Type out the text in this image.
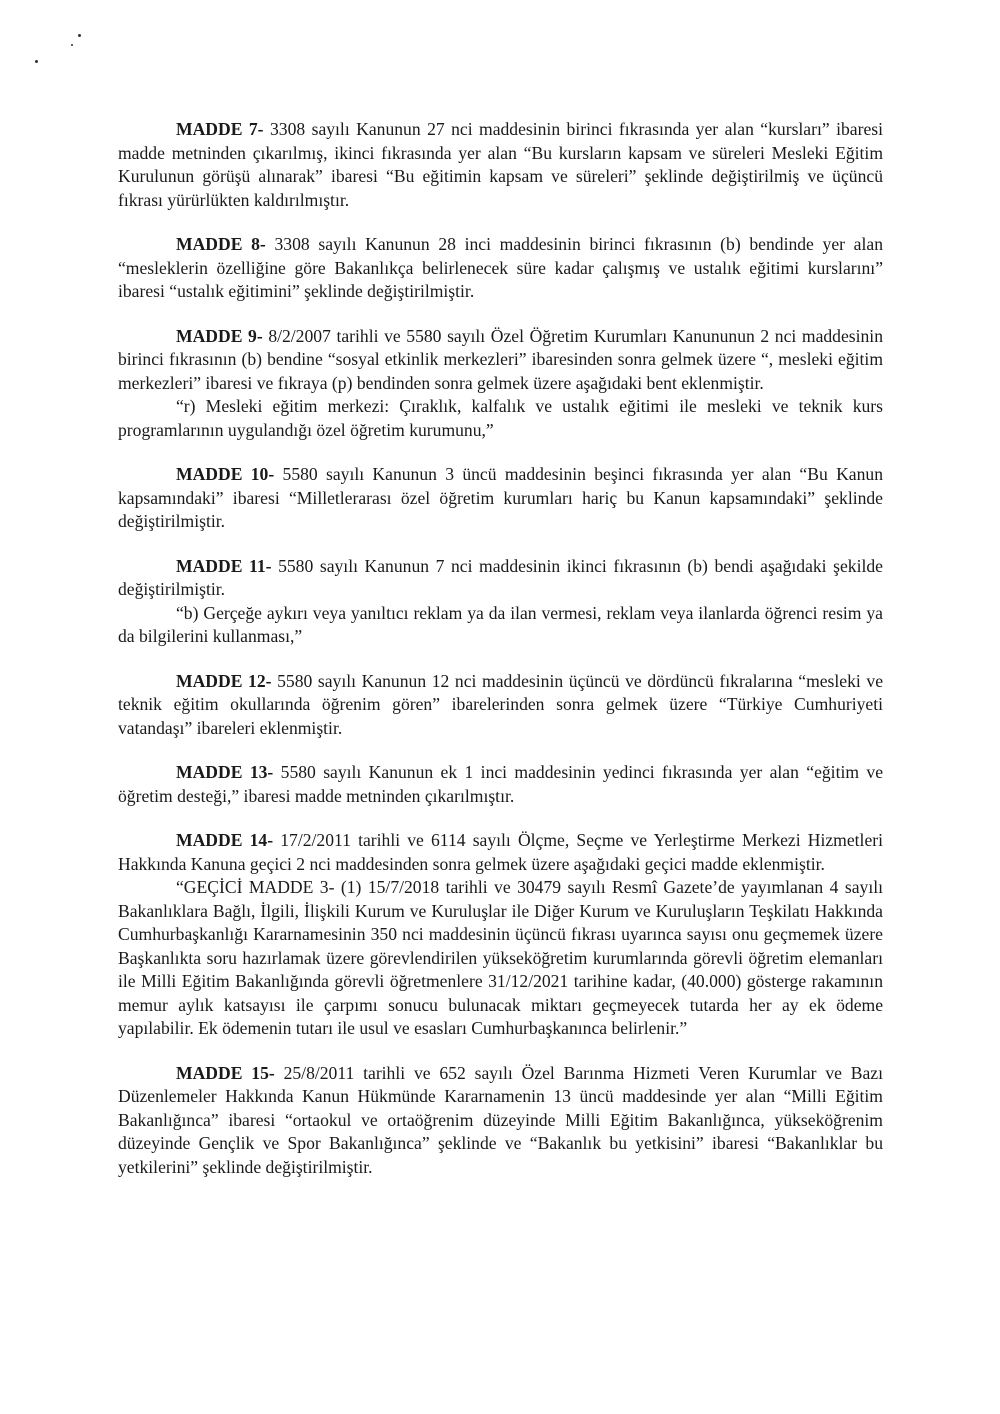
MADDE 7- 3308 sayılı Kanunun 27 nci maddesinin birinci fıkrasında yer alan “kursları” ibaresi madde metninden çıkarılmış, ikinci fıkrasında yer alan “Bu kursların kapsam ve süreleri Mesleki Eğitim Kurulunun görüşü alınarak” ibaresi “Bu eğitimin kapsam ve süreleri” şeklinde değiştirilmiş ve üçüncü fıkrası yürürlükten kaldırılmıştır.

MADDE 8- 3308 sayılı Kanunun 28 inci maddesinin birinci fıkrasının (b) bendinde yer alan “mesleklerin özelliğine göre Bakanlıkça belirlenecek süre kadar çalışmış ve ustalık eğitimi kurslarını” ibaresi “ustalık eğitimini” şeklinde değiştirilmiştir.

MADDE 9- 8/2/2007 tarihli ve 5580 sayılı Özel Öğretim Kurumları Kanununun 2 nci maddesinin birinci fıkrasının (b) bendine “sosyal etkinlik merkezleri” ibaresinden sonra gelmek üzere “, mesleki eğitim merkezleri” ibaresi ve fıkraya (p) bendinden sonra gelmek üzere aşağıdaki bent eklenmiştir.

“r) Mesleki eğitim merkezi: Çıraklık, kalfalık ve ustalık eğitimi ile mesleki ve teknik kurs programlarının uygulandığı özel öğretim kurumunu,”

MADDE 10- 5580 sayılı Kanunun 3 üncü maddesinin beşinci fıkrasında yer alan “Bu Kanun kapsamındaki” ibaresi “Milletlerarası özel öğretim kurumları hariç bu Kanun kapsamındaki” şeklinde değiştirilmiştir.

MADDE 11- 5580 sayılı Kanunun 7 nci maddesinin ikinci fıkrasının (b) bendi aşağıdaki şekilde değiştirilmiştir.

“b) Gerçeğe aykırı veya yanıltıcı reklam ya da ilan vermesi, reklam veya ilanlarda öğrenci resim ya da bilgilerini kullanması,”

MADDE 12- 5580 sayılı Kanunun 12 nci maddesinin üçüncü ve dördüncü fıkralarına “mesleki ve teknik eğitim okullarında öğrenim gören” ibarelerinden sonra gelmek üzere “Türkiye Cumhuriyeti vatandaşı” ibareleri eklenmiştir.

MADDE 13- 5580 sayılı Kanunun ek 1 inci maddesinin yedinci fıkrasında yer alan “eğitim ve öğretim desteği,” ibaresi madde metninden çıkarılmıştır.

MADDE 14- 17/2/2011 tarihli ve 6114 sayılı Ölçme, Seçme ve Yerleştirme Merkezi Hizmetleri Hakkında Kanuna geçici 2 nci maddesinden sonra gelmek üzere aşağıdaki geçici madde eklenmiştir.

“GEÇİCİ MADDE 3- (1) 15/7/2018 tarihli ve 30479 sayılı Resmî Gazete’de yayımlanan 4 sayılı Bakanlıklara Bağlı, İlgili, İlişkili Kurum ve Kuruluşlar ile Diğer Kurum ve Kuruluşların Teşkilatı Hakkında Cumhurbaşkanlığı Kararnamesinin 350 nci maddesinin üçüncü fıkrası uyarınca sayısı onu geçmemek üzere Başkanlıkta soru hazırlamak üzere görevlendirilen yükseköğretim kurumlarında görevli öğretim elemanları ile Milli Eğitim Bakanlığında görevli öğretmenlere 31/12/2021 tarihine kadar, (40.000) gösterge rakamının memur aylık katsayısı ile çarpımı sonucu bulunacak miktarı geçmeyecek tutarda her ay ek ödeme yapılabilir. Ek ödemenin tutarı ile usul ve esasları Cumhurbaşkanınca belirlenir.”

MADDE 15- 25/8/2011 tarihli ve 652 sayılı Özel Barınma Hizmeti Veren Kurumlar ve Bazı Düzenlemeler Hakkında Kanun Hükmünde Kararnamenin 13 üncü maddesinde yer alan “Milli Eğitim Bakanlığınca” ibaresi “ortaokul ve ortaöğrenim düzeyinde Milli Eğitim Bakanlığınca, yükseköğrenim düzeyinde Gençlik ve Spor Bakanlığınca” şeklinde ve “Bakanlık bu yetkisini” ibaresi “Bakanlıklar bu yetkilerini” şeklinde değiştirilmiştir.
